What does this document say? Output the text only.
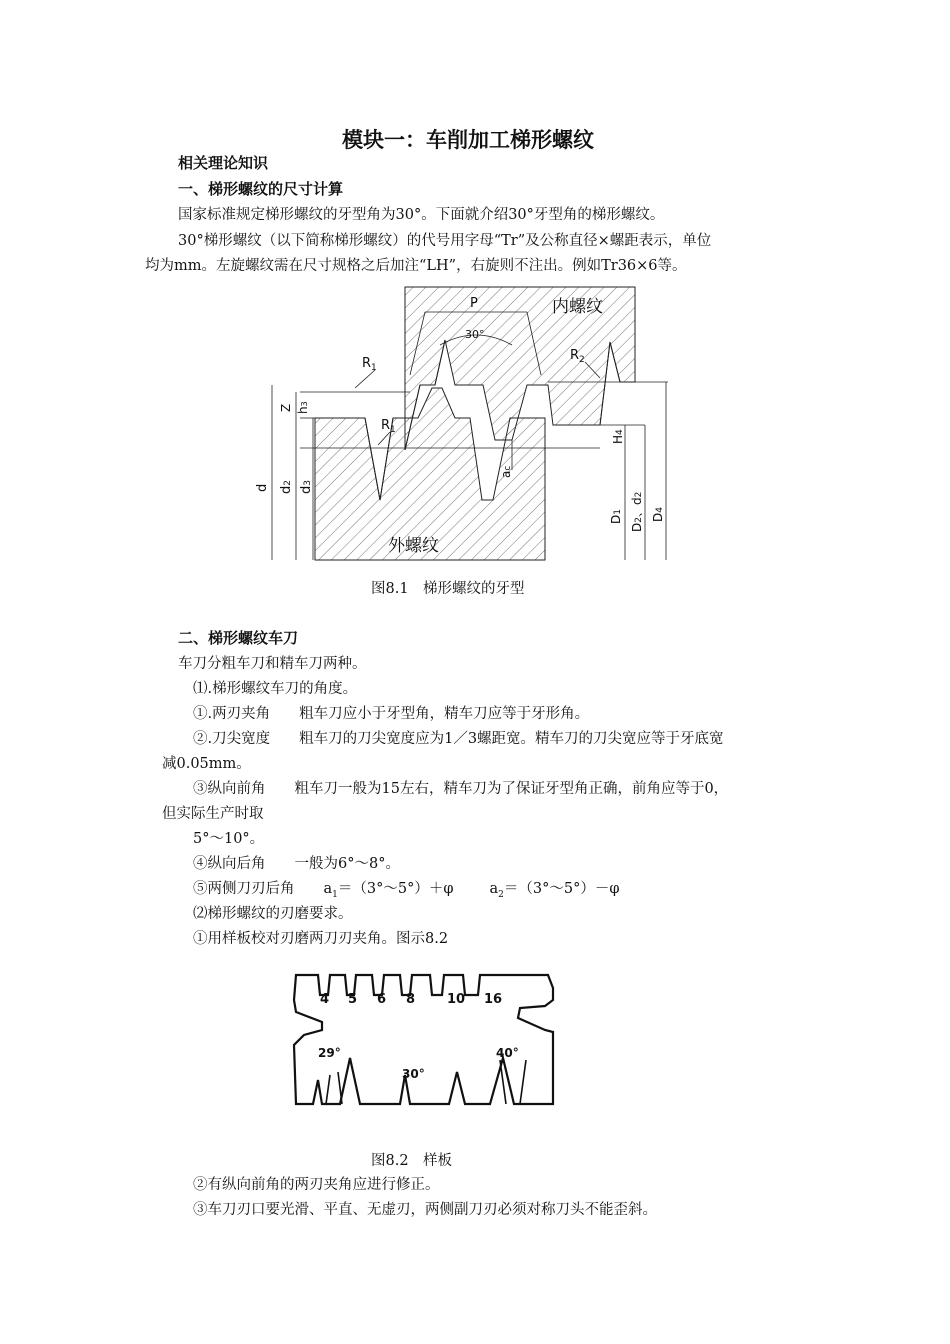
模块一：车削加工梯形螺纹
相关理论知识
一、梯形螺纹的尺寸计算
国家标准规定梯形螺纹的牙型角为30°。下面就介绍30°牙型角的梯形螺纹。
30°梯形螺纹（以下简称梯形螺纹）的代号用字母“Tr”及公称直径×螺距表示，单位
均为mm。左旋螺纹需在尺寸规格之后加注“LH”，右旋则不注出。例如Tr36×6等。
内螺纹
外螺纹
P
30°
$R_1$
$R_1$
$R_2$
Z h3
d d2
d3
ac
H4
D1
D2、d2
D4
图8.1　梯形螺纹的牙型
二、梯形螺纹车刀
车刀分粗车刀和精车刀两种。
⑴.梯形螺纹车刀的角度。
①.两刃夹角　　粗车刀应小于牙型角，精车刀应等于牙形角。
②.刀尖宽度　　粗车刀的刀尖宽度应为1／3螺距宽。精车刀的刀尖宽应等于牙底宽
减0.05mm。
③纵向前角　　粗车刀一般为15左右，精车刀为了保证牙型角正确，前角应等于0，
但实际生产时取
5°～10°。
④纵向后角　　一般为6°～8°。
⑤两侧刀刃后角　　$a_1=(3^\circ\sim 5^\circ)+\varphi$ $a_2=(3^\circ\sim 5^\circ)-\varphi$
⑵梯形螺纹的刃磨要求。
①用样板校对刃磨两刀刃夹角。图示8.2
4 5 6 8 10 16
29°
30°
40°
图8.2　样板
②有纵向前角的两刃夹角应进行修正。
③车刀刃口要光滑、平直、无虚刃，两侧副刀刃必须对称刀头不能歪斜。
